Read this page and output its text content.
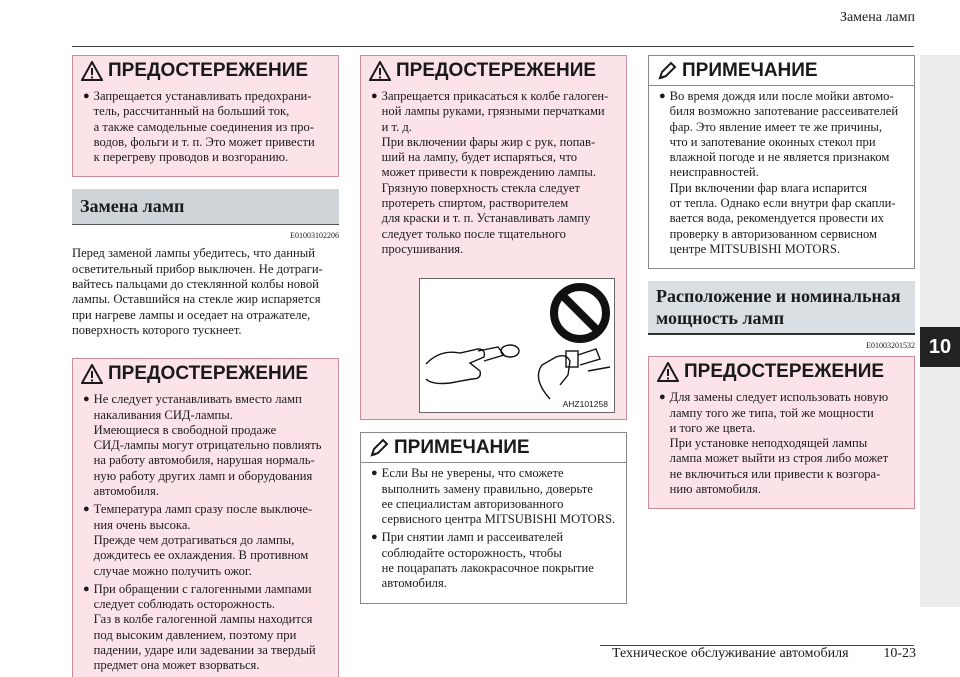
Замена ламп
10
ПРЕДОСТЕРЕЖЕНИЕ
● Запрещается устанавливать предохрани-
тель, рассчитанный на больший ток,
а также самодельные соединения из про-
водов, фольги и т. п. Это может привести
к перегреву проводов и возгоранию.
Замена ламп
E01003102206
Перед заменой лампы убедитесь, что данный
осветительный прибор выключен. Не дотраги-
вайтесь пальцами до стеклянной колбы новой
лампы. Оставшийся на стекле жир испаряется
при нагреве лампы и оседает на отражателе,
поверхность которого тускнеет.
ПРЕДОСТЕРЕЖЕНИЕ
● Не следует устанавливать вместо ламп
накаливания СИД-лампы.
Имеющиеся в свободной продаже
СИД-лампы могут отрицательно повлиять
на работу автомобиля, нарушая нормаль-
ную работу других ламп и оборудования
автомобиля.
● Температура ламп сразу после выключе-
ния очень высока.
Прежде чем дотрагиваться до лампы,
дождитесь ее охлаждения. В противном
случае можно получить ожог.
● При обращении с галогенными лампами
следует соблюдать осторожность.
Газ в колбе галогенной лампы находится
под высоким давлением, поэтому при
падении, ударе или задевании за твердый
предмет она может взорваться.
ПРЕДОСТЕРЕЖЕНИЕ
● Запрещается прикасаться к колбе галоген-
ной лампы руками, грязными перчатками
и т. д.
При включении фары жир с рук, попав-
ший на лампу, будет испаряться, что
может привести к повреждению лампы.
Грязную поверхность стекла следует
протереть спиртом, растворителем
для краски и т. п. Устанавливать лампу
следует только после тщательного
просушивания.
AHZ101258
ПРИМЕЧАНИЕ
● Если Вы не уверены, что сможете
выполнить замену правильно, доверьте
ее специалистам авторизованного
сервисного центра MITSUBISHI MOTORS.
● При снятии ламп и рассеивателей
соблюдайте осторожность, чтобы
не поцарапать лакокрасочное покрытие
автомобиля.
ПРИМЕЧАНИЕ
● Во время дождя или после мойки автомо-
биля возможно запотевание рассеивателей
фар. Это явление имеет те же причины,
что и запотевание оконных стекол при
влажной погоде и не является признаком
неисправностей.
При включении фар влага испарится
от тепла. Однако если внутри фар скапли-
вается вода, рекомендуется провести их
проверку в авторизованном сервисном
центре MITSUBISHI MOTORS.
Расположение и номинальная
мощность ламп
E01003201532
ПРЕДОСТЕРЕЖЕНИЕ
● Для замены следует использовать новую
лампу того же типа, той же мощности
и того же цвета.
При установке неподходящей лампы
лампа может выйти из строя либо может
не включиться или привести к возгора-
нию автомобиля.
Техническое обслуживание автомобиля 10-23
